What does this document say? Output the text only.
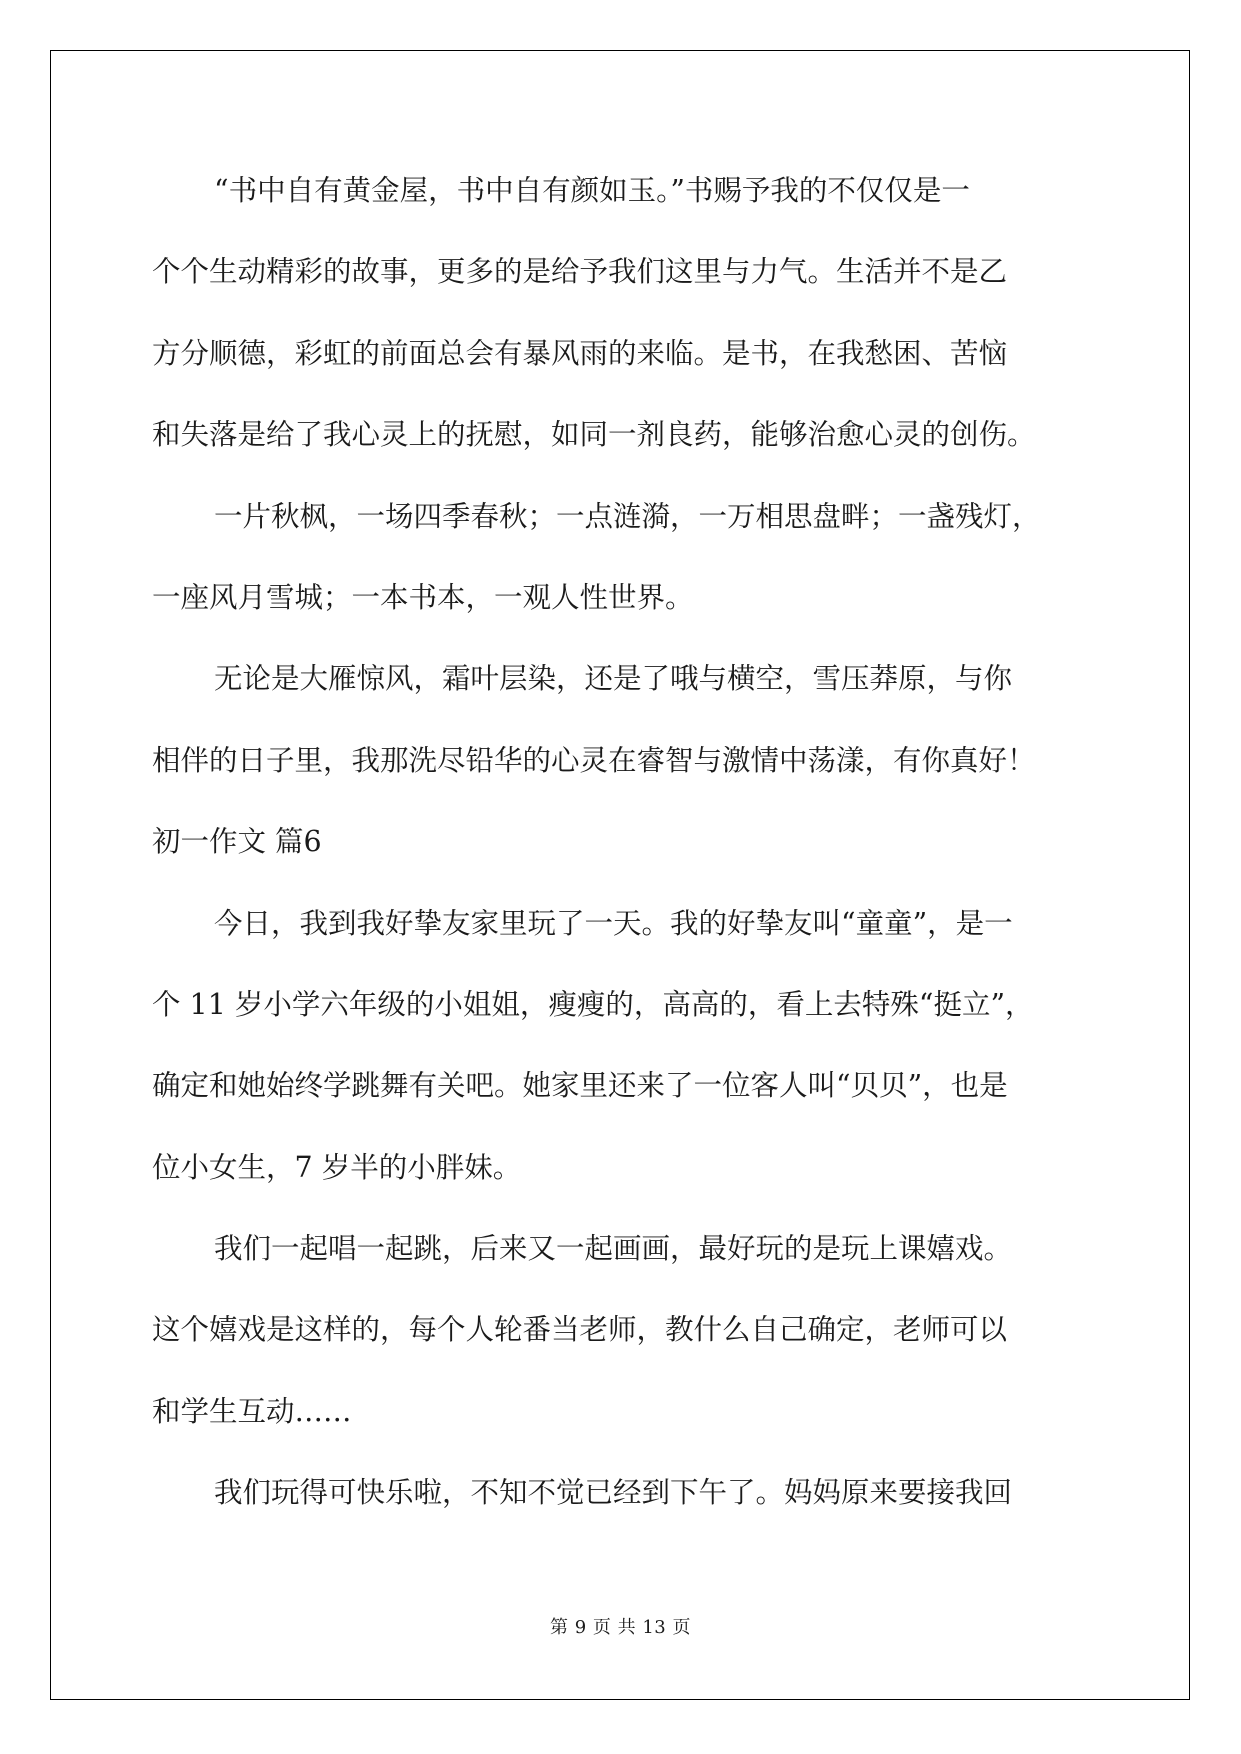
“书中自有黄金屋，书中自有颜如玉。”书赐予我的不仅仅是一

个个生动精彩的故事，更多的是给予我们这里与力气。生活并不是乙

方分顺德，彩虹的前面总会有暴风雨的来临。是书，在我愁困、苦恼

和失落是给了我心灵上的抚慰，如同一剂良药，能够治愈心灵的创伤。

一片秋枫，一场四季春秋；一点涟漪，一万相思盘畔；一盏残灯，

一座风月雪城；一本书本，一观人性世界。

无论是大雁惊风，霜叶层染，还是了哦与横空，雪压莽原，与你

相伴的日子里，我那洗尽铅华的心灵在睿智与激情中荡漾，有你真好！

初一作文 篇6

今日，我到我好挚友家里玩了一天。我的好挚友叫“童童”，是一

个 11 岁小学六年级的小姐姐，瘦瘦的，高高的，看上去特殊“挺立”，

确定和她始终学跳舞有关吧。她家里还来了一位客人叫“贝贝”，也是

位小女生，7 岁半的小胖妹。

我们一起唱一起跳，后来又一起画画，最好玩的是玩上课嬉戏。

这个嬉戏是这样的，每个人轮番当老师，教什么自己确定，老师可以

和学生互动……

我们玩得可快乐啦，不知不觉已经到下午了。妈妈原来要接我回

第 9 页 共 13 页
